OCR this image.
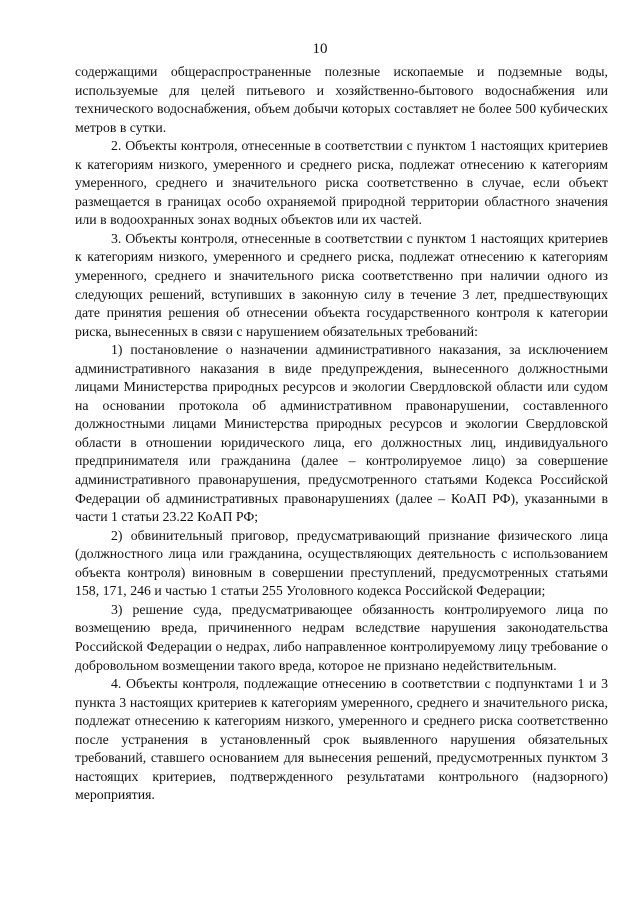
10

содержащими общераспространенные полезные ископаемые и подземные воды, используемые для целей питьевого и хозяйственно-бытового водоснабжения или технического водоснабжения, объем добычи которых составляет не более 500 кубических метров в сутки.

2. Объекты контроля, отнесенные в соответствии с пунктом 1 настоящих критериев к категориям низкого, умеренного и среднего риска, подлежат отнесению к категориям умеренного, среднего и значительного риска соответственно в случае, если объект размещается в границах особо охраняемой природной территории областного значения или в водоохранных зонах водных объектов или их частей.

3. Объекты контроля, отнесенные в соответствии с пунктом 1 настоящих критериев к категориям низкого, умеренного и среднего риска, подлежат отнесению к категориям умеренного, среднего и значительного риска соответственно при наличии одного из следующих решений, вступивших в законную силу в течение 3 лет, предшествующих дате принятия решения об отнесении объекта государственного контроля к категории риска, вынесенных в связи с нарушением обязательных требований:

1) постановление о назначении административного наказания, за исключением административного наказания в виде предупреждения, вынесенного должностными лицами Министерства природных ресурсов и экологии Свердловской области или судом на основании протокола об административном правонарушении, составленного должностными лицами Министерства природных ресурсов и экологии Свердловской области в отношении юридического лица, его должностных лиц, индивидуального предпринимателя или гражданина (далее – контролируемое лицо) за совершение административного правонарушения, предусмотренного статьями Кодекса Российской Федерации об административных правонарушениях (далее – КоАП РФ), указанными в части 1 статьи 23.22 КоАП РФ;

2) обвинительный приговор, предусматривающий признание физического лица (должностного лица или гражданина, осуществляющих деятельность с использованием объекта контроля) виновным в совершении преступлений, предусмотренных статьями 158, 171, 246 и частью 1 статьи 255 Уголовного кодекса Российской Федерации;

3) решение суда, предусматривающее обязанность контролируемого лица по возмещению вреда, причиненного недрам вследствие нарушения законодательства Российской Федерации о недрах, либо направленное контролируемому лицу требование о добровольном возмещении такого вреда, которое не признано недействительным.

4. Объекты контроля, подлежащие отнесению в соответствии с подпунктами 1 и 3 пункта 3 настоящих критериев к категориям умеренного, среднего и значительного риска, подлежат отнесению к категориям низкого, умеренного и среднего риска соответственно после устранения в установленный срок выявленного нарушения обязательных требований, ставшего основанием для вынесения решений, предусмотренных пунктом 3 настоящих критериев, подтвержденного результатами контрольного (надзорного) мероприятия.
